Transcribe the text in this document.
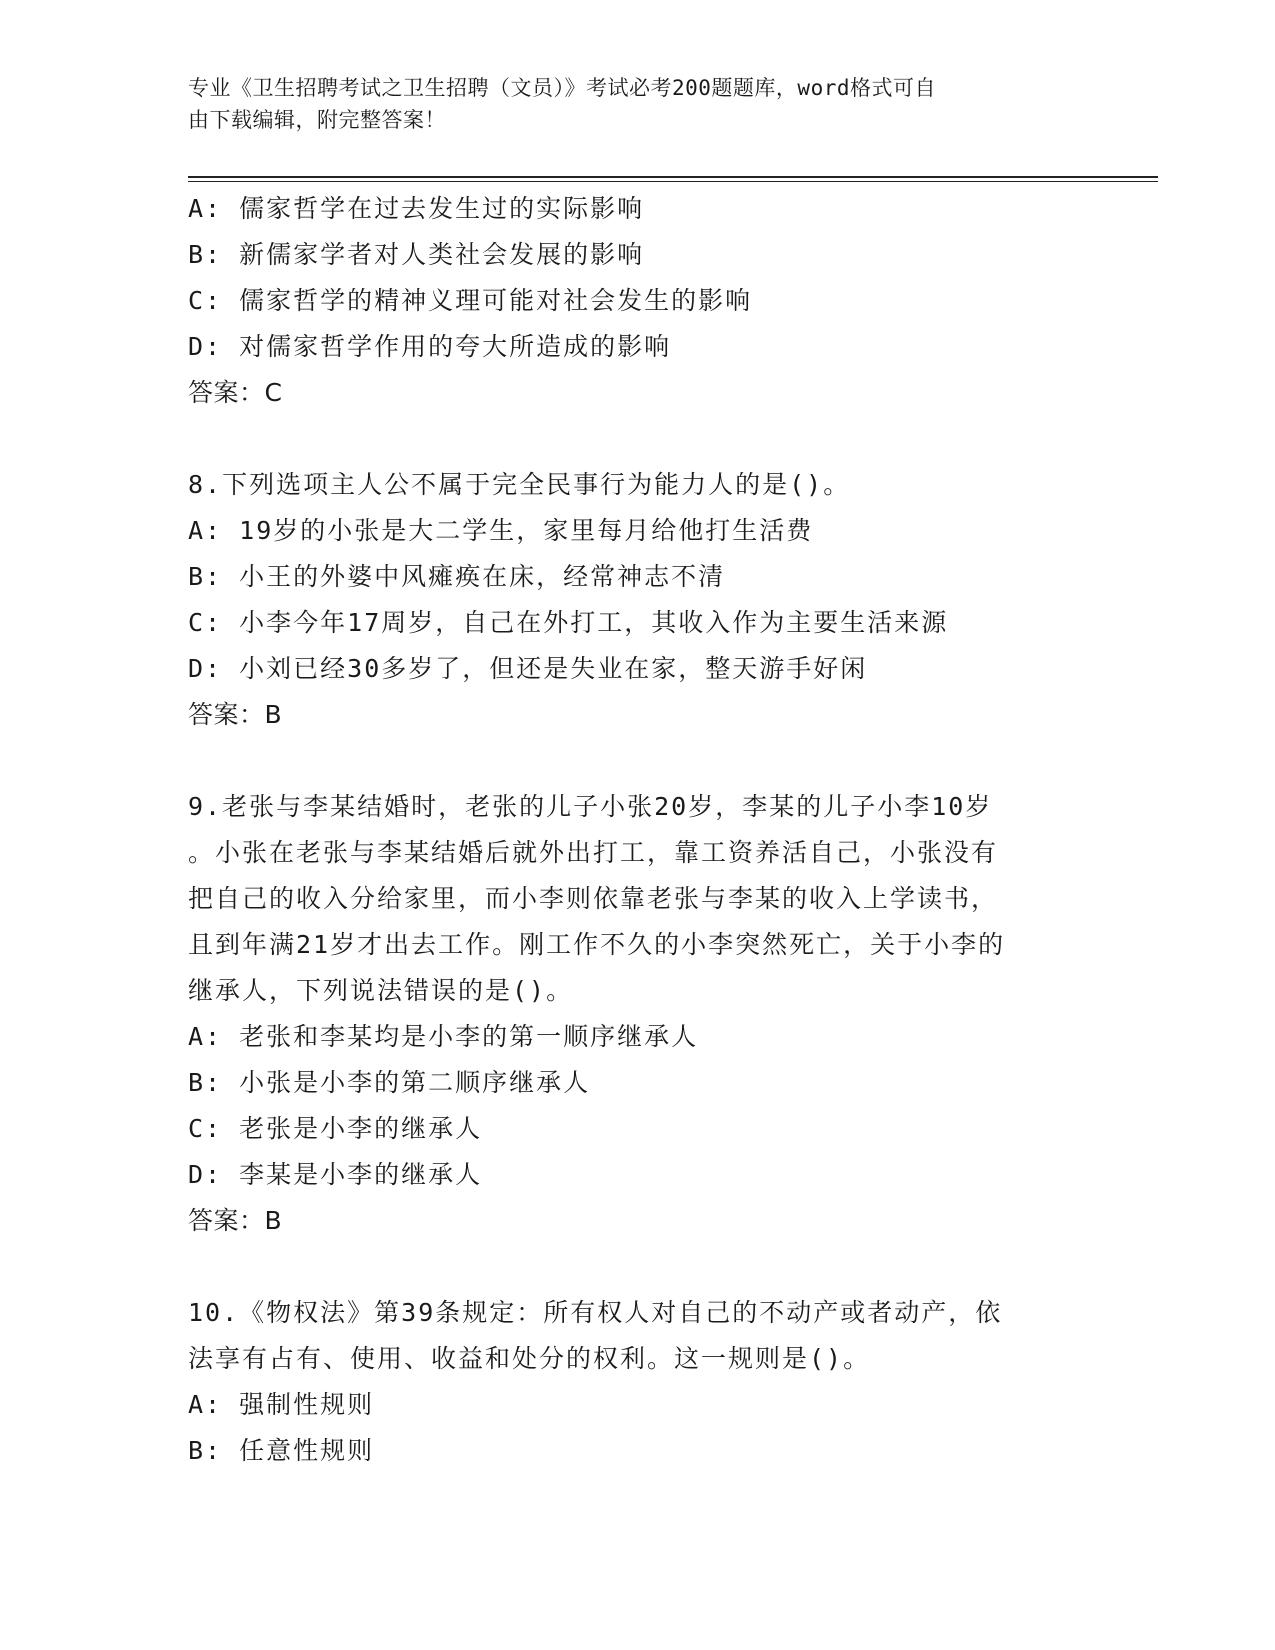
专业《卫生招聘考试之卫生招聘（文员）》考试必考200题题库，word格式可自
由下载编辑，附完整答案！
A: 儒家哲学在过去发生过的实际影响
B: 新儒家学者对人类社会发展的影响
C: 儒家哲学的精神义理可能对社会发生的影响
D: 对儒家哲学作用的夸大所造成的影响
答案：C
8.下列选项主人公不属于完全民事行为能力人的是()。
A: 19岁的小张是大二学生，家里每月给他打生活费
B: 小王的外婆中风瘫痪在床，经常神志不清
C: 小李今年17周岁，自己在外打工，其收入作为主要生活来源
D: 小刘已经30多岁了，但还是失业在家，整天游手好闲
答案：B
9.老张与李某结婚时，老张的儿子小张20岁，李某的儿子小李10岁
。小张在老张与李某结婚后就外出打工，靠工资养活自己，小张没有
把自己的收入分给家里，而小李则依靠老张与李某的收入上学读书，
且到年满21岁才出去工作。刚工作不久的小李突然死亡，关于小李的
继承人，下列说法错误的是()。
A: 老张和李某均是小李的第一顺序继承人
B: 小张是小李的第二顺序继承人
C: 老张是小李的继承人
D: 李某是小李的继承人
答案：B
10.《物权法》第39条规定：所有权人对自己的不动产或者动产，依
法享有占有、使用、收益和处分的权利。这一规则是()。
A: 强制性规则
B: 任意性规则
